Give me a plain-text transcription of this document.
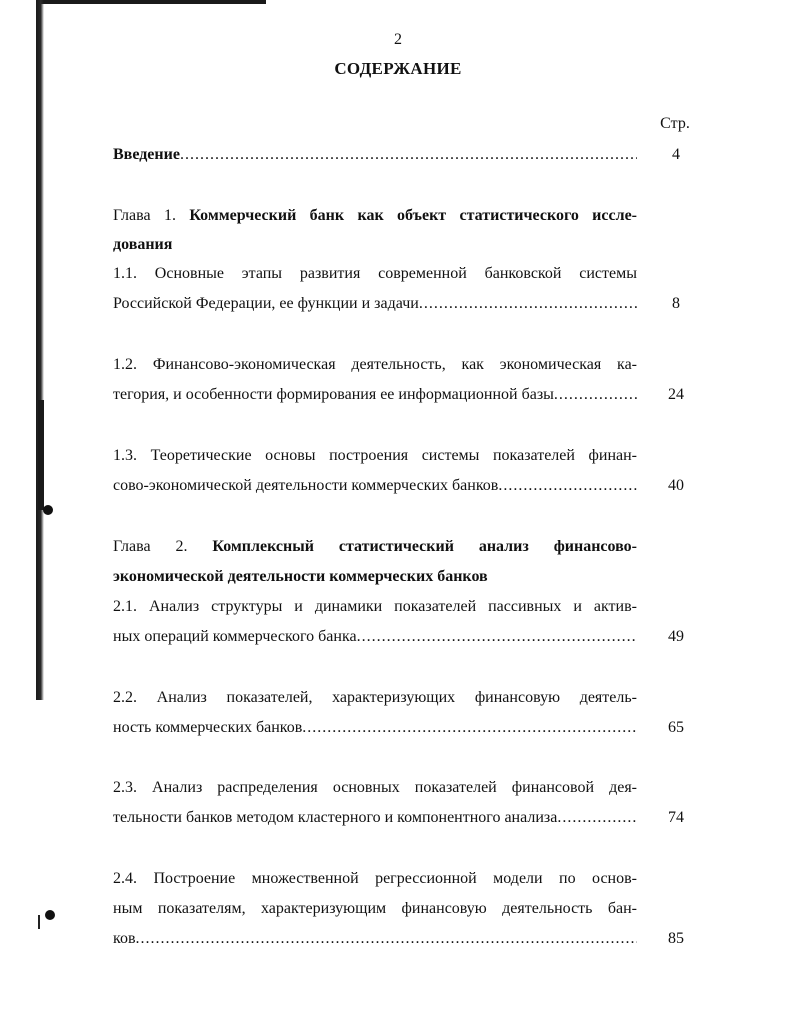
2
СОДЕРЖАНИЕ
Стр.
Введение .....	4
Глава 1. Коммерческий банк как объект статистического иссле-
дования
1.1. Основные этапы развития современной банковской системы
Российской Федерации, ее функции и задачи .....	8
1.2. Финансово-экономическая деятельность, как экономическая ка-
тегория, и особенности формирования ее информационной базы .....	24
1.3. Теоретические основы построения системы показателей финан-
сово-экономической деятельности коммерческих банков .....	40
Глава 2. Комплексный статистический анализ финансово-
экономической деятельности коммерческих банков
2.1. Анализ структуры и динамики показателей пассивных и актив-
ных операций коммерческого банка .....	49
2.2. Анализ показателей, характеризующих финансовую деятель-
ность коммерческих банков .....	65
2.3. Анализ распределения основных показателей финансовой дея-
тельности банков методом кластерного и компонентного анализа .....	74
2.4. Построение множественной регрессионной модели по основ-
ным показателям, характеризующим финансовую деятельность бан-
ков .....	85
